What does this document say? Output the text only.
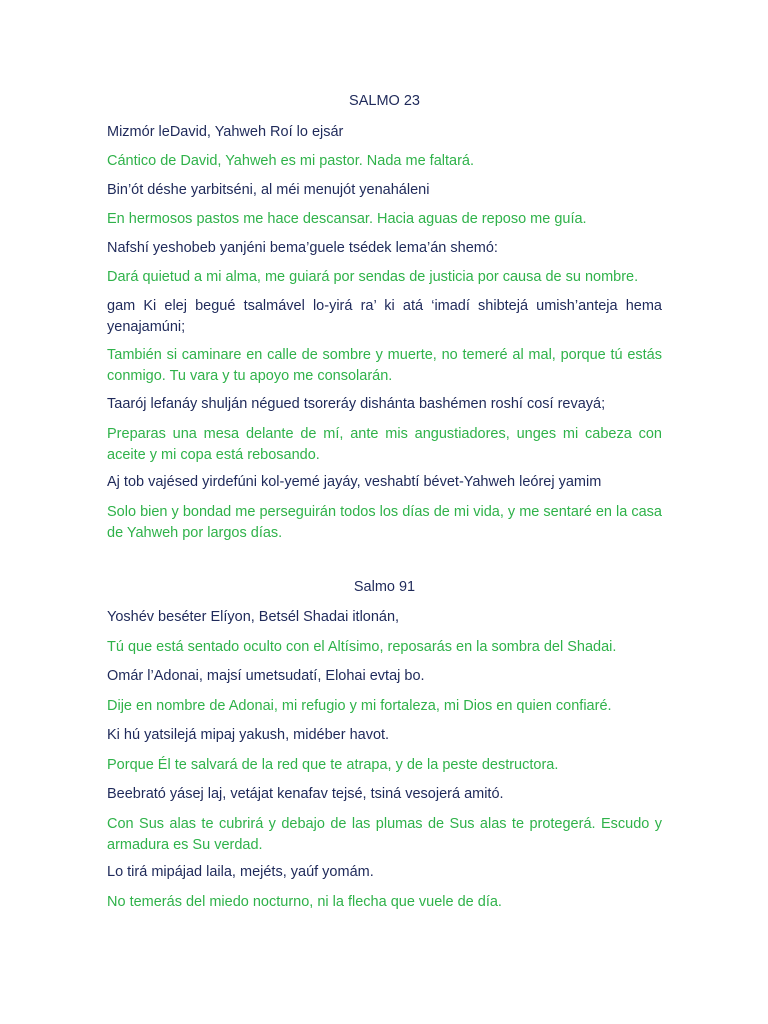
SALMO 23

Mizmór leDavid, Yahweh Roí lo ejsár

Cántico de David, Yahweh es mi pastor. Nada me faltará.

Bin’ót déshe yarbitséni, al méi menujót yenaháleni

En hermosos pastos me hace descansar. Hacia aguas de reposo me guía.

Nafshí yeshobeb yanjéni bema’guele tsédek lema’án shemó:

Dará quietud a mi alma, me guiará por sendas de justicia por causa de su nombre.

gam Ki elej begué tsalmável lo-yirá ra’ ki atá ‘imadí shibtejá umish’anteja hema yenajamúni;

También si caminare en calle de sombre y muerte, no temeré al mal, porque tú estás conmigo. Tu vara y tu apoyo me consolarán.

Taarój lefanáy shulján négued tsoreráy dishánta bashémen roshí cosí revayá;

Preparas una mesa delante de mí, ante mis angustiadores, unges mi cabeza con aceite y mi copa está rebosando.

Aj tob vajésed yirdefúni kol-yemé jayáy, veshabtí bévet-Yahweh leórej yamim

Solo bien y bondad me perseguirán todos los días de mi vida, y me sentaré en la casa de Yahweh por largos días.

Salmo 91

Yoshév beséter Elíyon, Betsél Shadai itlonán,

Tú que está sentado oculto con el Altísimo, reposarás en la sombra del Shadai.

Omár l’Adonai, majsí umetsudatí, Elohai evtaj bo.

Dije en nombre de Adonai, mi refugio y mi fortaleza, mi Dios en quien confiaré.

Ki hú yatsilejá mipaj yakush, midéber havot.

Porque Él te salvará de la red que te atrapa, y de la peste destructora.

Beebrató yásej laj, vetájat kenafav tejsé, tsiná vesojerá amitó.

Con Sus alas te cubrirá y debajo de las plumas de Sus alas te protegerá. Escudo y armadura es Su verdad.

Lo tirá mipájad laila, mejéts, yaúf yomám.

No temerás del miedo nocturno, ni la flecha que vuele de día.
